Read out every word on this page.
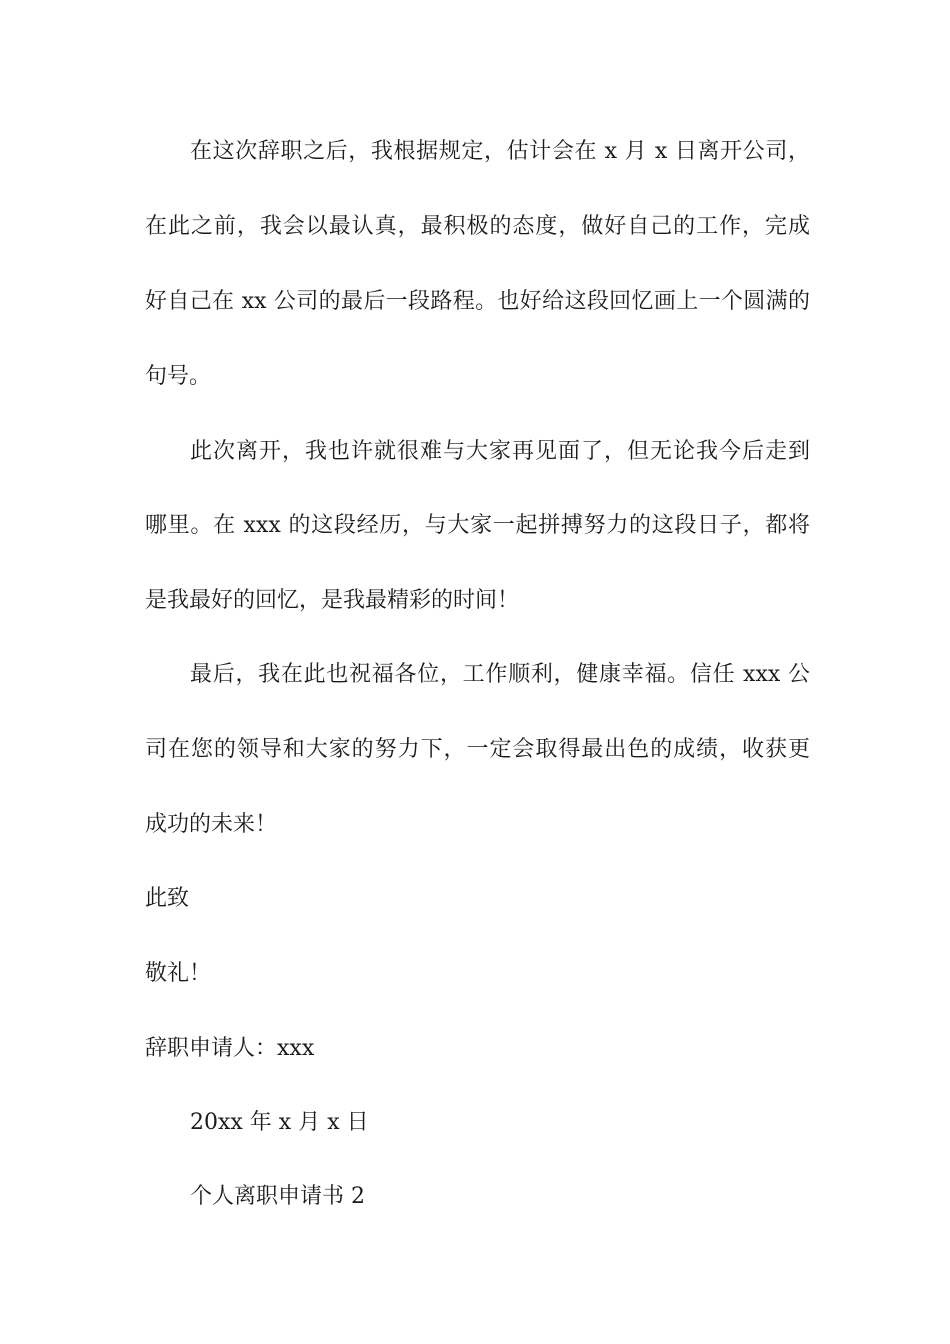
在这次辞职之后，我根据规定，估计会在 x 月 x 日离开公司，
在此之前，我会以最认真，最积极的态度，做好自己的工作，完成
好自己在 xx 公司的最后一段路程。也好给这段回忆画上一个圆满的
句号。
此次离开，我也许就很难与大家再见面了，但无论我今后走到
哪里。在 xxx 的这段经历，与大家一起拼搏努力的这段日子，都将
是我最好的回忆，是我最精彩的时间！
最后，我在此也祝福各位，工作顺利，健康幸福。信任 xxx 公
司在您的领导和大家的努力下，一定会取得最出色的成绩，收获更
成功的未来！
此致
敬礼！
辞职申请人：xxx
20xx 年 x 月 x 日
个人离职申请书 2
